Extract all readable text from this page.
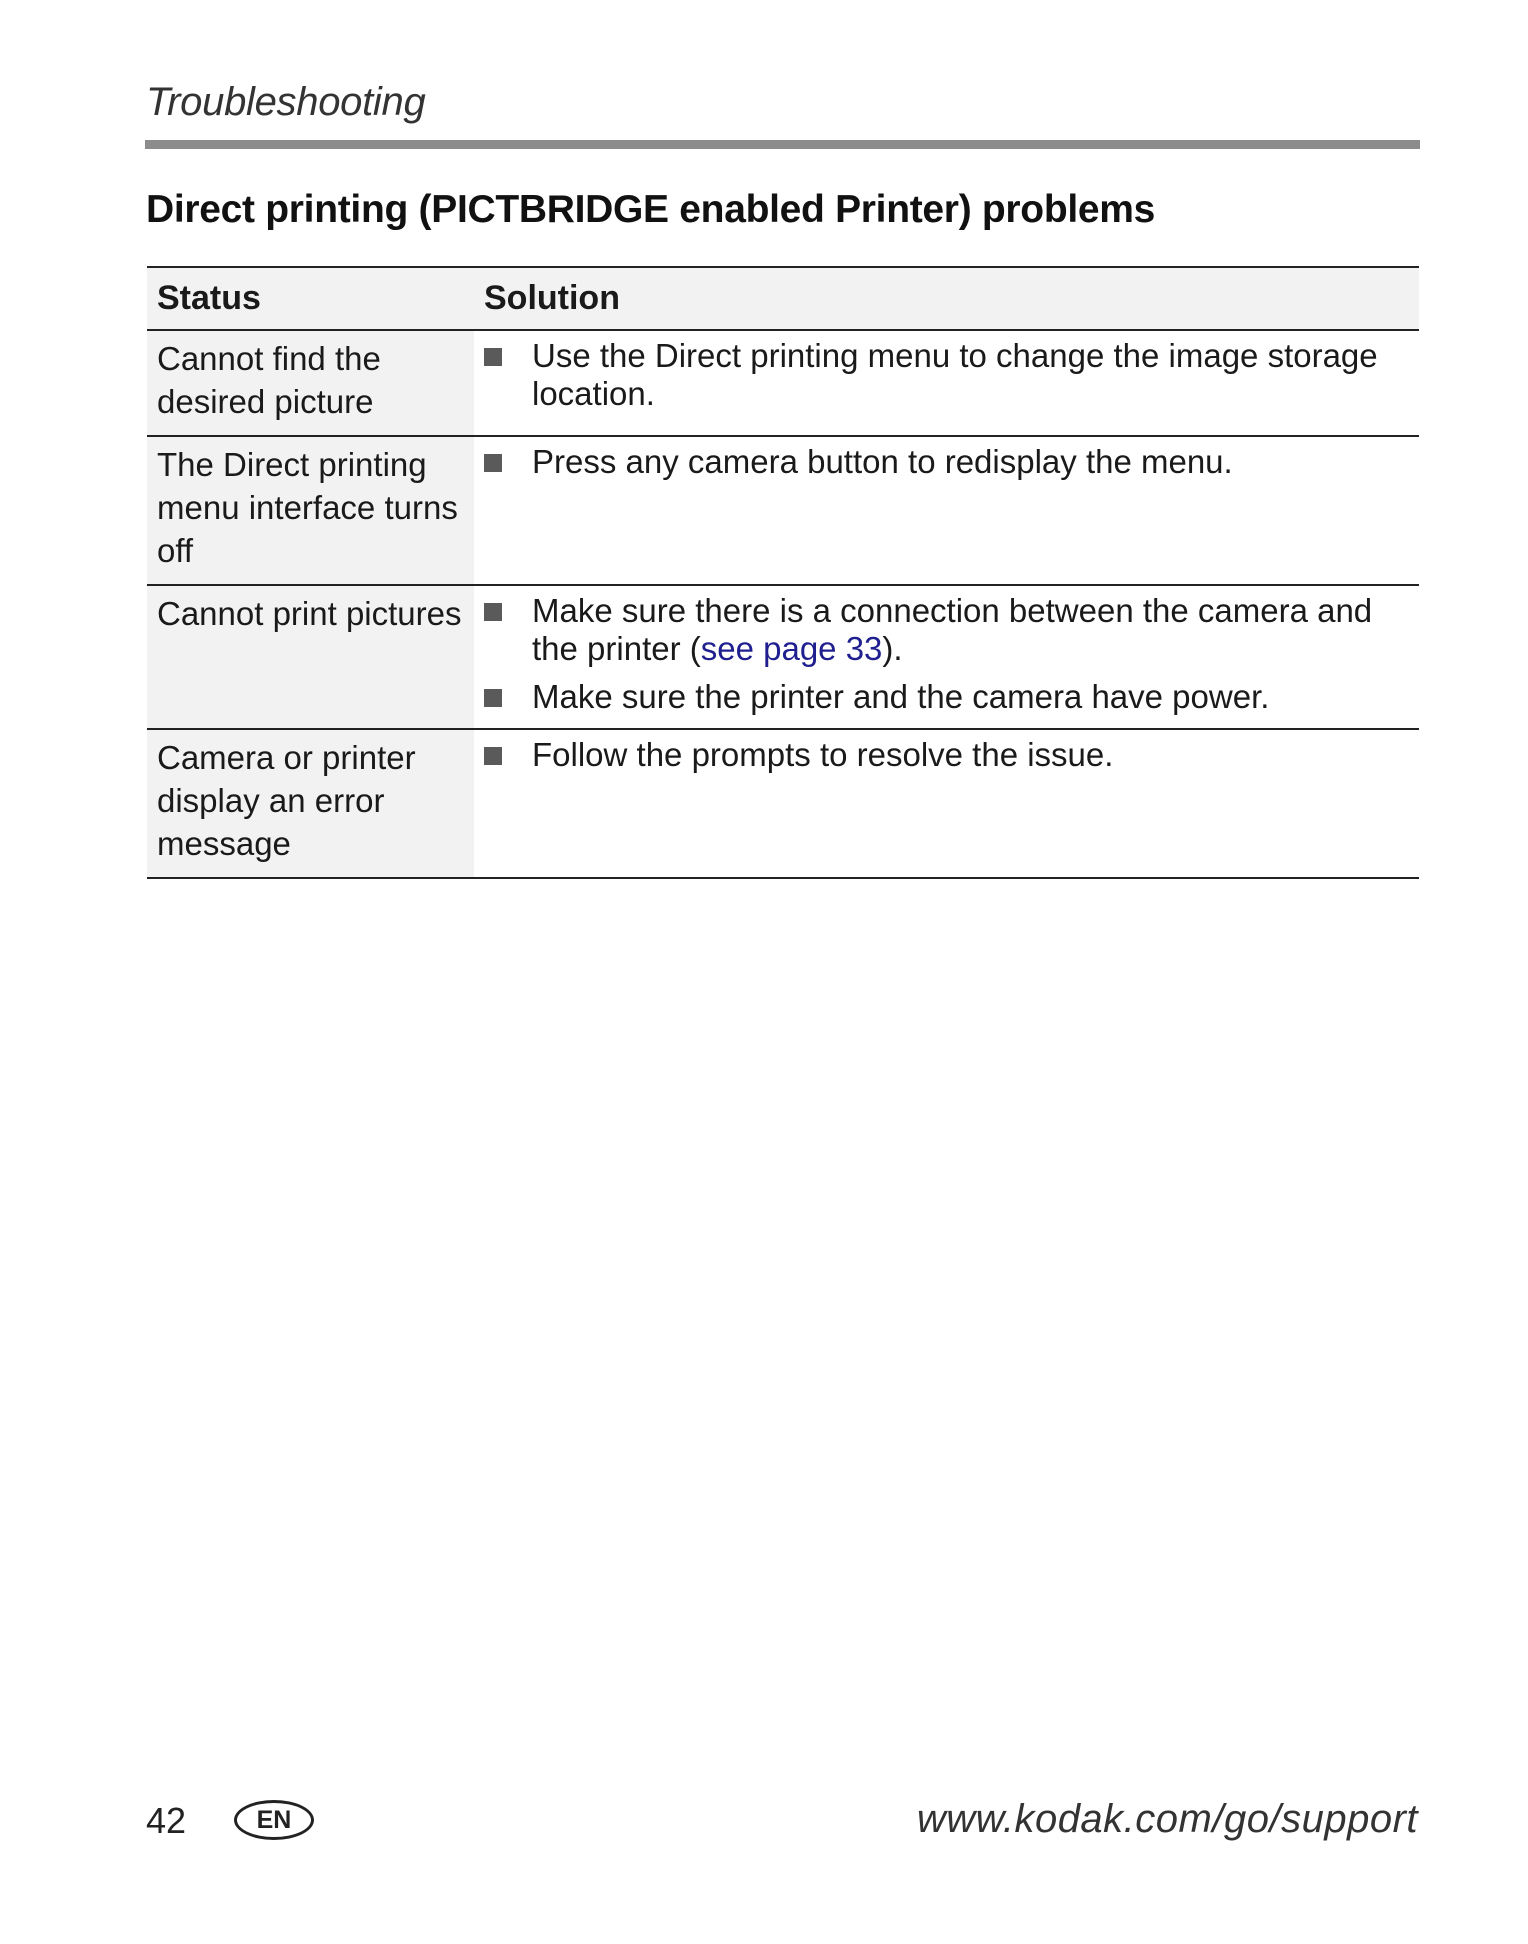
Troubleshooting
Direct printing (PICTBRIDGE enabled Printer) problems
Status	Solution
Cannot find the desired picture	Use the Direct printing menu to change the image storage location.

The Direct printing menu interface turns off	Press any camera button to redisplay the menu.

Cannot print pictures	Make sure there is a connection between the camera and the printer (see page 33).
Make sure the printer and the camera have power.

Camera or printer display an error message	Follow the prompts to resolve the issue.
42	EN	www.kodak.com/go/support
